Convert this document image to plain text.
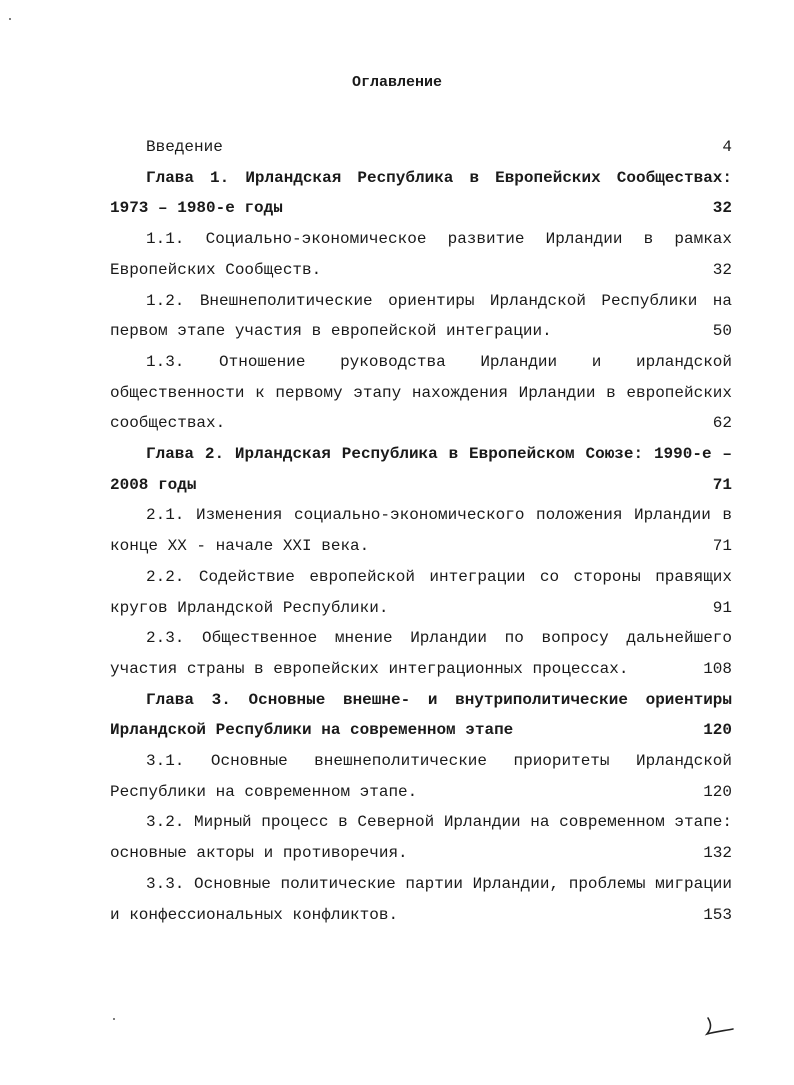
Оглавление
Введение	4
Глава 1. Ирландская Республика в Европейских Сообществах: 1973 – 1980-е годы	32
1.1. Социально-экономическое развитие Ирландии в рамках Европейских Сообществ.	32
1.2. Внешнеполитические ориентиры Ирландской Республики на первом этапе участия в европейской интеграции.	50
1.3. Отношение руководства Ирландии и ирландской общественности к первому этапу нахождения Ирландии в европейских сообществах.	62
Глава 2. Ирландская Республика в Европейском Союзе: 1990-е – 2008 годы	71
2.1. Изменения социально-экономического положения Ирландии в конце XX - начале XXI века.	71
2.2. Содействие европейской интеграции со стороны правящих кругов Ирландской Республики.	91
2.3. Общественное мнение Ирландии по вопросу дальнейшего участия страны в европейских интеграционных процессах.	108
Глава 3. Основные внешне- и внутриполитические ориентиры Ирландской Республики на современном этапе	120
3.1. Основные внешнеполитические приоритеты Ирландской Республики на современном этапе.	120
3.2. Мирный процесс в Северной Ирландии на современном этапе: основные акторы и противоречия.	132
3.3. Основные политические партии Ирландии, проблемы миграции и конфессиональных конфликтов.	153
